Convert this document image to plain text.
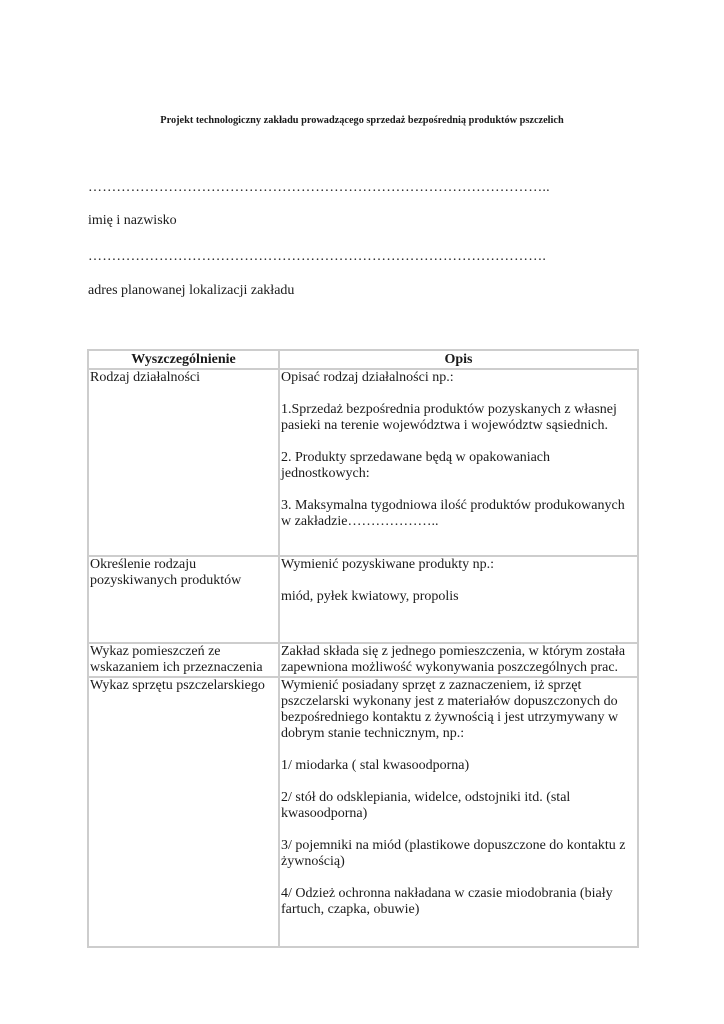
Projekt technologiczny zakładu prowadzącego sprzedaż bezpośrednią produktów pszczelich
……………………………………………………………………………………..
imię i nazwisko
…………………………………………………………………………………….
adres planowanej lokalizacji zakładu
Wyszczególnienie	Opis
Rodzaj działalności	Opisać rodzaj działalności np.:

1.Sprzedaż bezpośrednia produktów pozyskanych z własnej pasieki na terenie województwa i województw sąsiednich.

2. Produkty sprzedawane będą w opakowaniach jednostkowych:

3. Maksymalna tygodniowa ilość produktów produkowanych w zakładzie………………..

Określenie rodzaju pozyskiwanych produktów	Wymienić pozyskiwane produkty np.:

miód, pyłek kwiatowy, propolis

Wykaz pomieszczeń ze wskazaniem ich przeznaczenia	Zakład składa się z jednego pomieszczenia, w którym została zapewniona możliwość wykonywania poszczególnych prac.

Wykaz sprzętu pszczelarskiego	Wymienić posiadany sprzęt z zaznaczeniem, iż sprzęt pszczelarski wykonany jest z materiałów dopuszczonych do bezpośredniego kontaktu z żywnością i jest utrzymywany w dobrym stanie technicznym, np.:

1/ miodarka ( stal kwasoodporna)

2/ stół do odsklepiania, widelce, odstojniki itd. (stal kwasoodporna)

3/ pojemniki na miód (plastikowe dopuszczone do kontaktu z żywnością)

4/ Odzież ochronna nakładana w czasie miodobrania (biały fartuch, czapka, obuwie)
